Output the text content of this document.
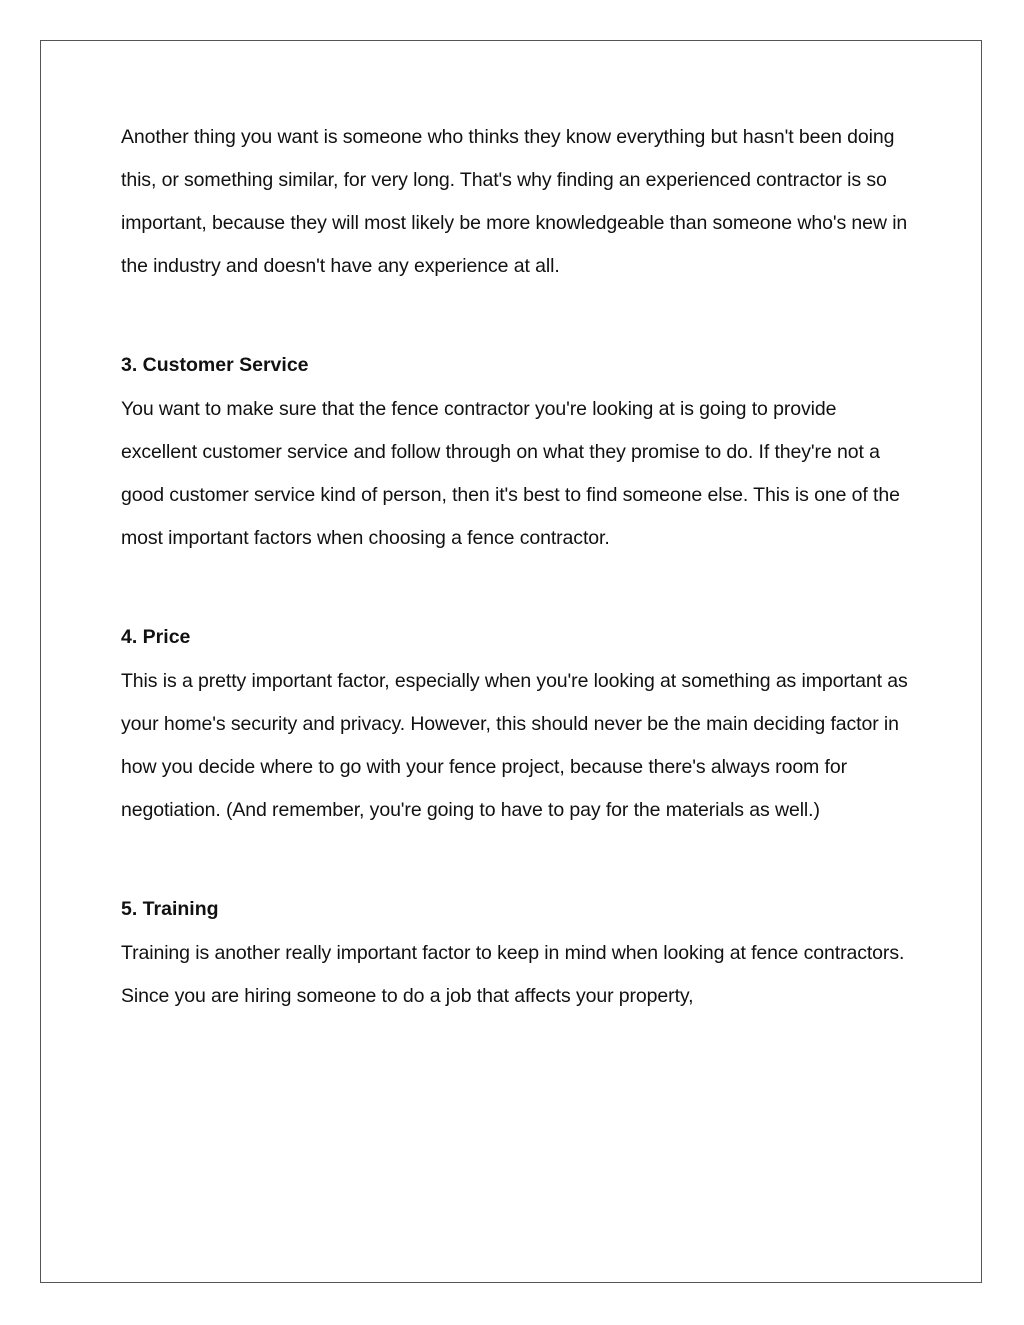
Another thing you want is someone who thinks they know everything but hasn't been doing this, or something similar, for very long. That's why finding an experienced contractor is so important, because they will most likely be more knowledgeable than someone who's new in the industry and doesn't have any experience at all.

3. Customer Service

You want to make sure that the fence contractor you're looking at is going to provide excellent customer service and follow through on what they promise to do. If they're not a good customer service kind of person, then it's best to find someone else. This is one of the most important factors when choosing a fence contractor.

4. Price

This is a pretty important factor, especially when you're looking at something as important as your home's security and privacy. However, this should never be the main deciding factor in how you decide where to go with your fence project, because there's always room for negotiation. (And remember, you're going to have to pay for the materials as well.)

5. Training

Training is another really important factor to keep in mind when looking at fence contractors. Since you are hiring someone to do a job that affects your property,
